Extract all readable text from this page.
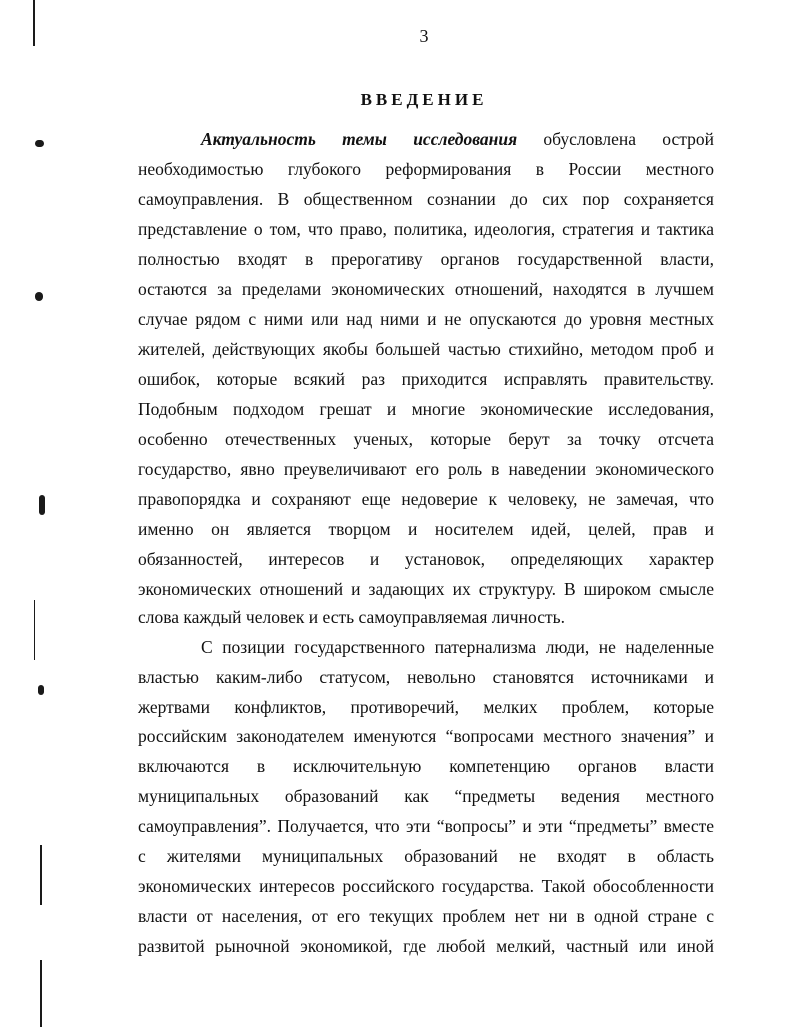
3
ВВЕДЕНИЕ
Актуальность темы исследования обусловлена острой
необходимостью глубокого реформирования в России местного
самоуправления. В общественном сознании до сих пор сохраняется
представление о том, что право, политика, идеология, стратегия и тактика
полностью входят в прерогативу органов государственной власти,
остаются за пределами экономических отношений, находятся в лучшем
случае рядом с ними или над ними и не опускаются до уровня местных
жителей, действующих якобы большей частью стихийно, методом проб и
ошибок, которые всякий раз приходится исправлять правительству.
Подобным подходом грешат и многие экономические исследования,
особенно отечественных ученых, которые берут за точку отсчета
государство, явно преувеличивают его роль в наведении экономического
правопорядка и сохраняют еще недоверие к человеку, не замечая, что
именно он является творцом и носителем идей, целей, прав и
обязанностей, интересов и установок, определяющих характер
экономических отношений и задающих их структуру. В широком смысле
слова каждый человек и есть самоуправляемая личность.
С позиции государственного патернализма люди, не наделенные
властью каким-либо статусом, невольно становятся источниками и
жертвами конфликтов, противоречий, мелких проблем, которые
российским законодателем именуются “вопросами местного значения” и
включаются в исключительную компетенцию органов власти
муниципальных образований как “предметы ведения местного
самоуправления”. Получается, что эти “вопросы” и эти “предметы” вместе
с жителями муниципальных образований не входят в область
экономических интересов российского государства. Такой обособленности
власти от населения, от его текущих проблем нет ни в одной стране с
развитой рыночной экономикой, где любой мелкий, частный или иной
